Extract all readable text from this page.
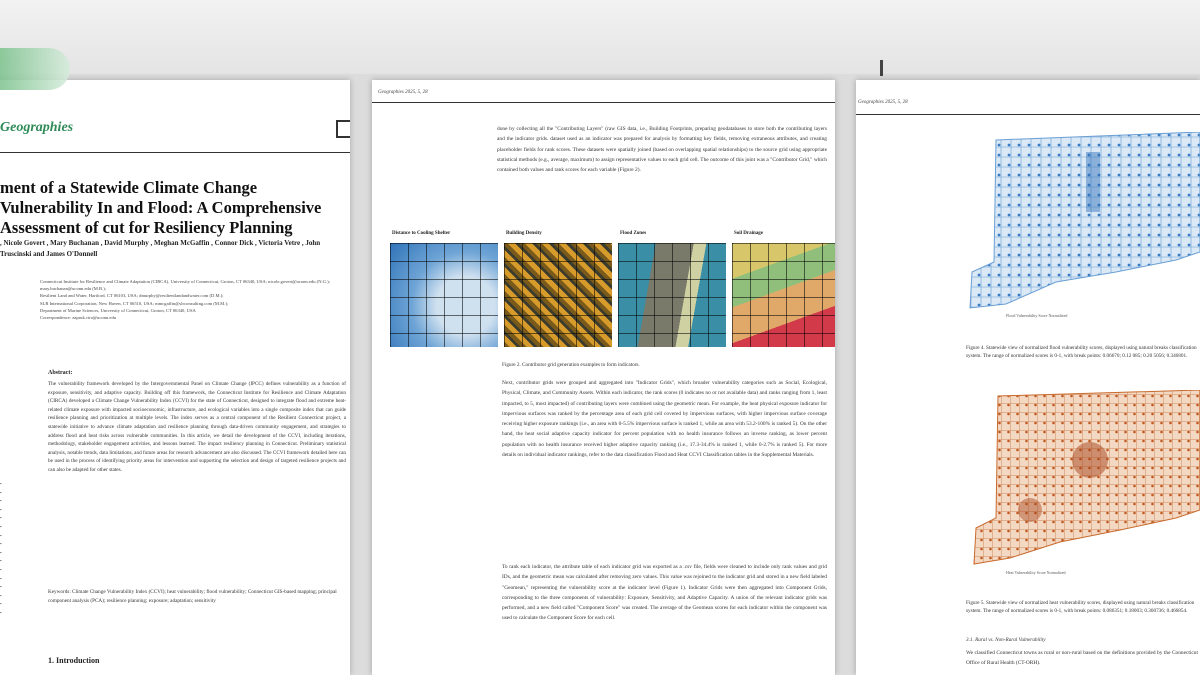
Geographies
ment of a Statewide Climate Change Vulnerability In and Flood: A Comprehensive Assessment of cut for Resiliency Planning
, Nicole Govert , Mary Buchanan , David Murphy , Meghan McGaffin , Connor Dick , Victoria Vetre , John Truscinski and James O'Donnell
Connecticut Institute for Resilience and Climate Adaptation (CIRCA), University of Connecticut, Groton, CT 06340, USA; nicole.govert@uconn.edu (N.G.); mary.buchanan@uconn.edu (M.B.);
Resilient Land and Water, Hartford, CT 06103, USA; dmurphy@resilientlandandwater.com (D.M.);
SLR International Corporation, New Haven, CT 06510, USA; mmcgaffin@slrconsulting.com (M.M.);
Department of Marine Sciences, University of Connecticut, Groton, CT 06340, USA
Correspondence: zapruk.cira@uconn.edu
▪
▪
▪
▪
▪
▪
▪
▪
▪
▪
▪
▪
▪
▪
▪
▪
Abstract:
The vulnerability framework developed by the Intergovernmental Panel on Climate Change (IPCC) defines vulnerability as a function of exposure, sensitivity, and adaptive capacity. Building off this framework, the Connecticut Institute for Resilience and Climate Adaptation (CIRCA) developed a Climate Change Vulnerability Index (CCVI) for the state of Connecticut, designed to integrate flood and extreme heat-related climate exposure with impacted socioeconomic, infrastructure, and ecological variables into a single composite index that can guide resilience planning and prioritization at multiple levels. The index serves as a central component of the Resilient Connecticut project, a statewide initiative to advance climate adaptation and resilience planning through data-driven community engagement, and strategies to address flood and heat risks across vulnerable communities. In this article, we detail the development of the CCVI, including iterations, methodology, stakeholder engagement activities, and lessons learned. The impact resiliency planning in Connecticut. Preliminary statistical analysis, notable trends, data limitations, and future areas for research advancement are also discussed. The CCVI framework detailed here can be used in the process of identifying priority areas for intervention and supporting the selection and design of targeted resilience projects and can also be adapted for other states.
Keywords: Climate Change Vulnerability Index (CCVI); heat vulnerability; flood vulnerability; Connecticut GIS-based mapping; principal component analysis (PCA); resilience planning; exposure; adaptation; sensitivity
1. Introduction
Geographies 2025, 5, 28
done by collecting all the "Contributing Layers" (raw GIS data, i.e., Building Footprints, preparing geodatabases to store both the contributing layers and the indicator grids. dataset used as an indicator was prepared for analysis by formatting key fields, removing extraneous attributes, and creating placeholder fields for rank scores. These datasets were spatially joined (based on overlapping spatial relationships) to the source grid using appropriate statistical methods (e.g., average, maximum) to assign representative values to each grid cell. The outcome of this joint was a "Contributor Grid," which contained both values and rank scores for each variable (Figure 2).
Distance to Cooling Shelter	Building Density	Flood Zones	Soil Drainage
Figure 2. Contributor grid generation examples to form indicators.
Next, contributor grids were grouped and aggregated into "Indicator Grids", which broader vulnerability categories such as Social, Ecological, Physical, Climate, and Community Assets. Within each indicator, the rank scores (0 indicates no or not available data) and ranks ranging from 1, least impacted, to 5, most impacted) of contributing layers were combined using the geometric mean. For example, the heat physical exposure indicator for impervious surfaces was ranked by the percentage area of each grid cell covered by impervious surfaces, with higher impervious surface coverage receiving higher exposure rankings (i.e., an area with 0-5.5% impervious surface is ranked 1, while an area with 53.2-100% is ranked 5). On the other hand, the heat social adaptive capacity indicator for percent population with no health insurance follows an inverse ranking, as lower percent population with no health insurance received higher adaptive capacity ranking (i.e., 17.3-34.4% is ranked 1, while 0-2.7% is ranked 5). For more details on individual indicator rankings, refer to the data classification Flood and Heat CCVI Classification tables in the Supplemental Materials.
To rank each indicator, the attribute table of each indicator grid was exported as a .csv file, fields were cleaned to include only rank values and grid IDs, and the geometric mean was calculated after removing zero values. This value was rejoined to the indicator grid and stored in a new field labeled "Geomean," representing the vulnerability score at the indicator level (Figure 1). Indicator Grids were then aggregated into Component Grids, corresponding to the three components of vulnerability: Exposure, Sensitivity, and Adaptive Capacity. A union of the relevant indicator grids was performed, and a new field called "Component Score" was created. The average of the Geomean scores for each indicator within the component was used to calculate the Component Score for each cell.
Geographies 2025, 5, 28
Flood Vulnerability Score Normalized
Figure 4. Statewide view of normalized flood vulnerability scores, displayed using natural breaks classification system. The range of normalized scores is 0-1, with break points: 0.06670; 0.12 085; 0.20 5056; 0.346801.
Heat Vulnerability Score Normalized
Figure 5. Statewide view of normalized heat vulnerability scores, displayed using natural breaks classification system. The range of normalized scores is 0-1, with break points: 0.086351; 0.18003; 0.300736; 0.466854.
3.1. Rural vs. Non-Rural Vulnerability
We classified Connecticut towns as rural or non-rural based on the definitions provided by the Connecticut Office of Rural Health (CT-ORH).
